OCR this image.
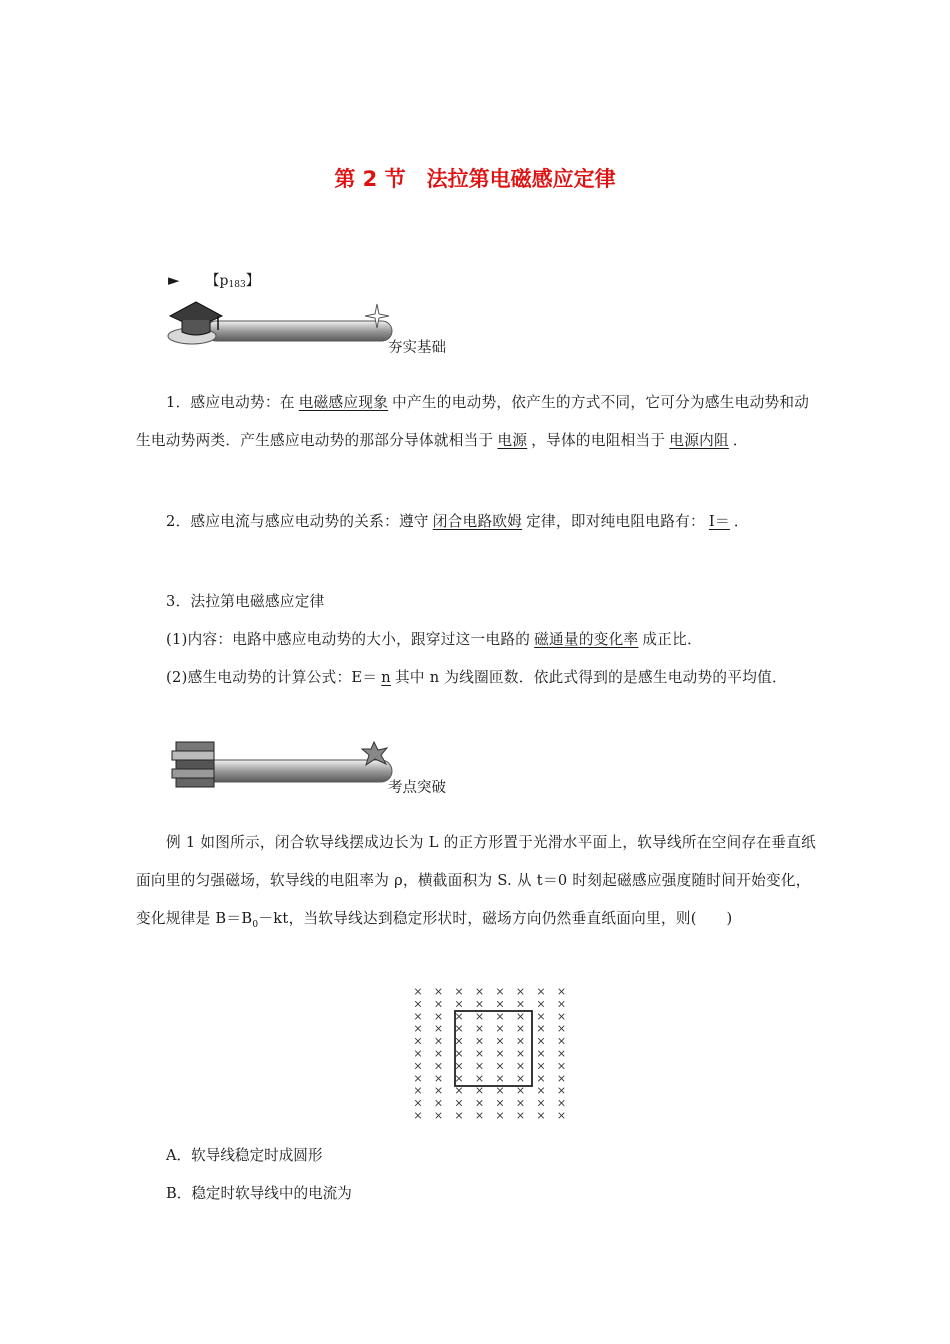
第 2 节　法拉第电磁感应定律
► 【$p_{183}$】
夯实基础

1．感应电动势：在 电磁感应现象 中产生的电动势，依产生的方式不同，它可分为感生电动势和动生电动势两类．产生感应电动势的那部分导体就相当于 电源 ，导体的电阻相当于 电源内阻 ．

2．感应电流与感应电动势的关系：遵守 闭合电路欧姆 定律，即对纯电阻电路有： I＝ ．

3．法拉第电磁感应定律

(1)内容：电路中感应电动势的大小，跟穿过这一电路的 磁通量的变化率 成正比．

(2)感生电动势的计算公式：E＝ n 其中 n 为线圈匝数．依此式得到的是感生电动势的平均值．

考点突破

例 1 如图所示，闭合软导线摆成边长为 L 的正方形置于光滑水平面上，软导线所在空间存在垂直纸面向里的匀强磁场，软导线的电阻率为 ρ，横截面积为 S. 从 t＝0 时刻起磁感应强度随时间开始变化，变化规律是 $B=B_0-kt$，当软导线达到稳定形状时，磁场方向仍然垂直纸面向里，则(　　)

× × × × × × × ×
× × × × × × × ×
× × × × × × × ×
× × × × × × × ×
× × × × × × × ×
× × × × × × × ×
× × × × × × × ×
× × × × × × × ×
× × × × × × × ×
× × × × × × × ×
× × × × × × × ×
A．软导线稳定时成圆形
B．稳定时软导线中的电流为
